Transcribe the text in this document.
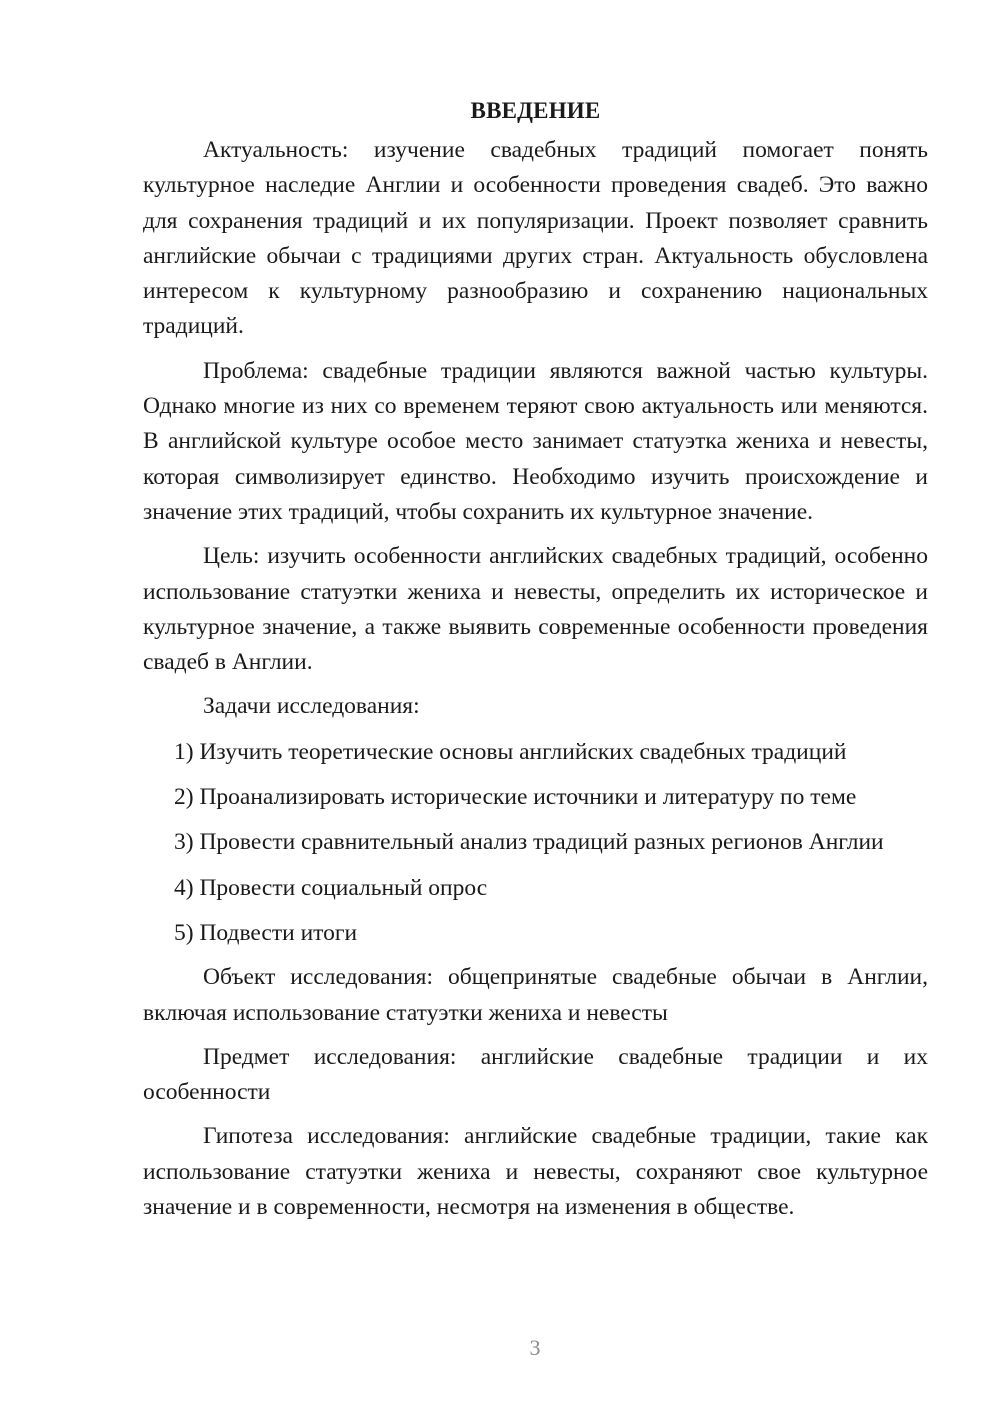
ВВЕДЕНИЕ

Актуальность: изучение свадебных традиций помогает понять культурное наследие Англии и особенности проведения свадеб. Это важно для сохранения традиций и их популяризации. Проект позволяет сравнить английские обычаи с традициями других стран. Актуальность обусловлена интересом к культурному разнообразию и сохранению национальных традиций.

Проблема: свадебные традиции являются важной частью культуры. Однако многие из них со временем теряют свою актуальность или меняются. В английской культуре особое место занимает статуэтка жениха и невесты, которая символизирует единство. Необходимо изучить происхождение и значение этих традиций, чтобы сохранить их культурное значение.

Цель: изучить особенности английских свадебных традиций, особенно использование статуэтки жениха и невесты, определить их историческое и культурное значение, а также выявить современные особенности проведения свадеб в Англии.

Задачи исследования:

1) Изучить теоретические основы английских свадебных традиций
2) Проанализировать исторические источники и литературу по теме
3) Провести сравнительный анализ традиций разных регионов Англии
4) Провести социальный опрос
5) Подвести итоги

Объект исследования: общепринятые свадебные обычаи в Англии, включая использование статуэтки жениха и невесты

Предмет исследования: английские свадебные традиции и их особенности

Гипотеза исследования: английские свадебные традиции, такие как использование статуэтки жениха и невесты, сохраняют свое культурное значение и в современности, несмотря на изменения в обществе.

3
